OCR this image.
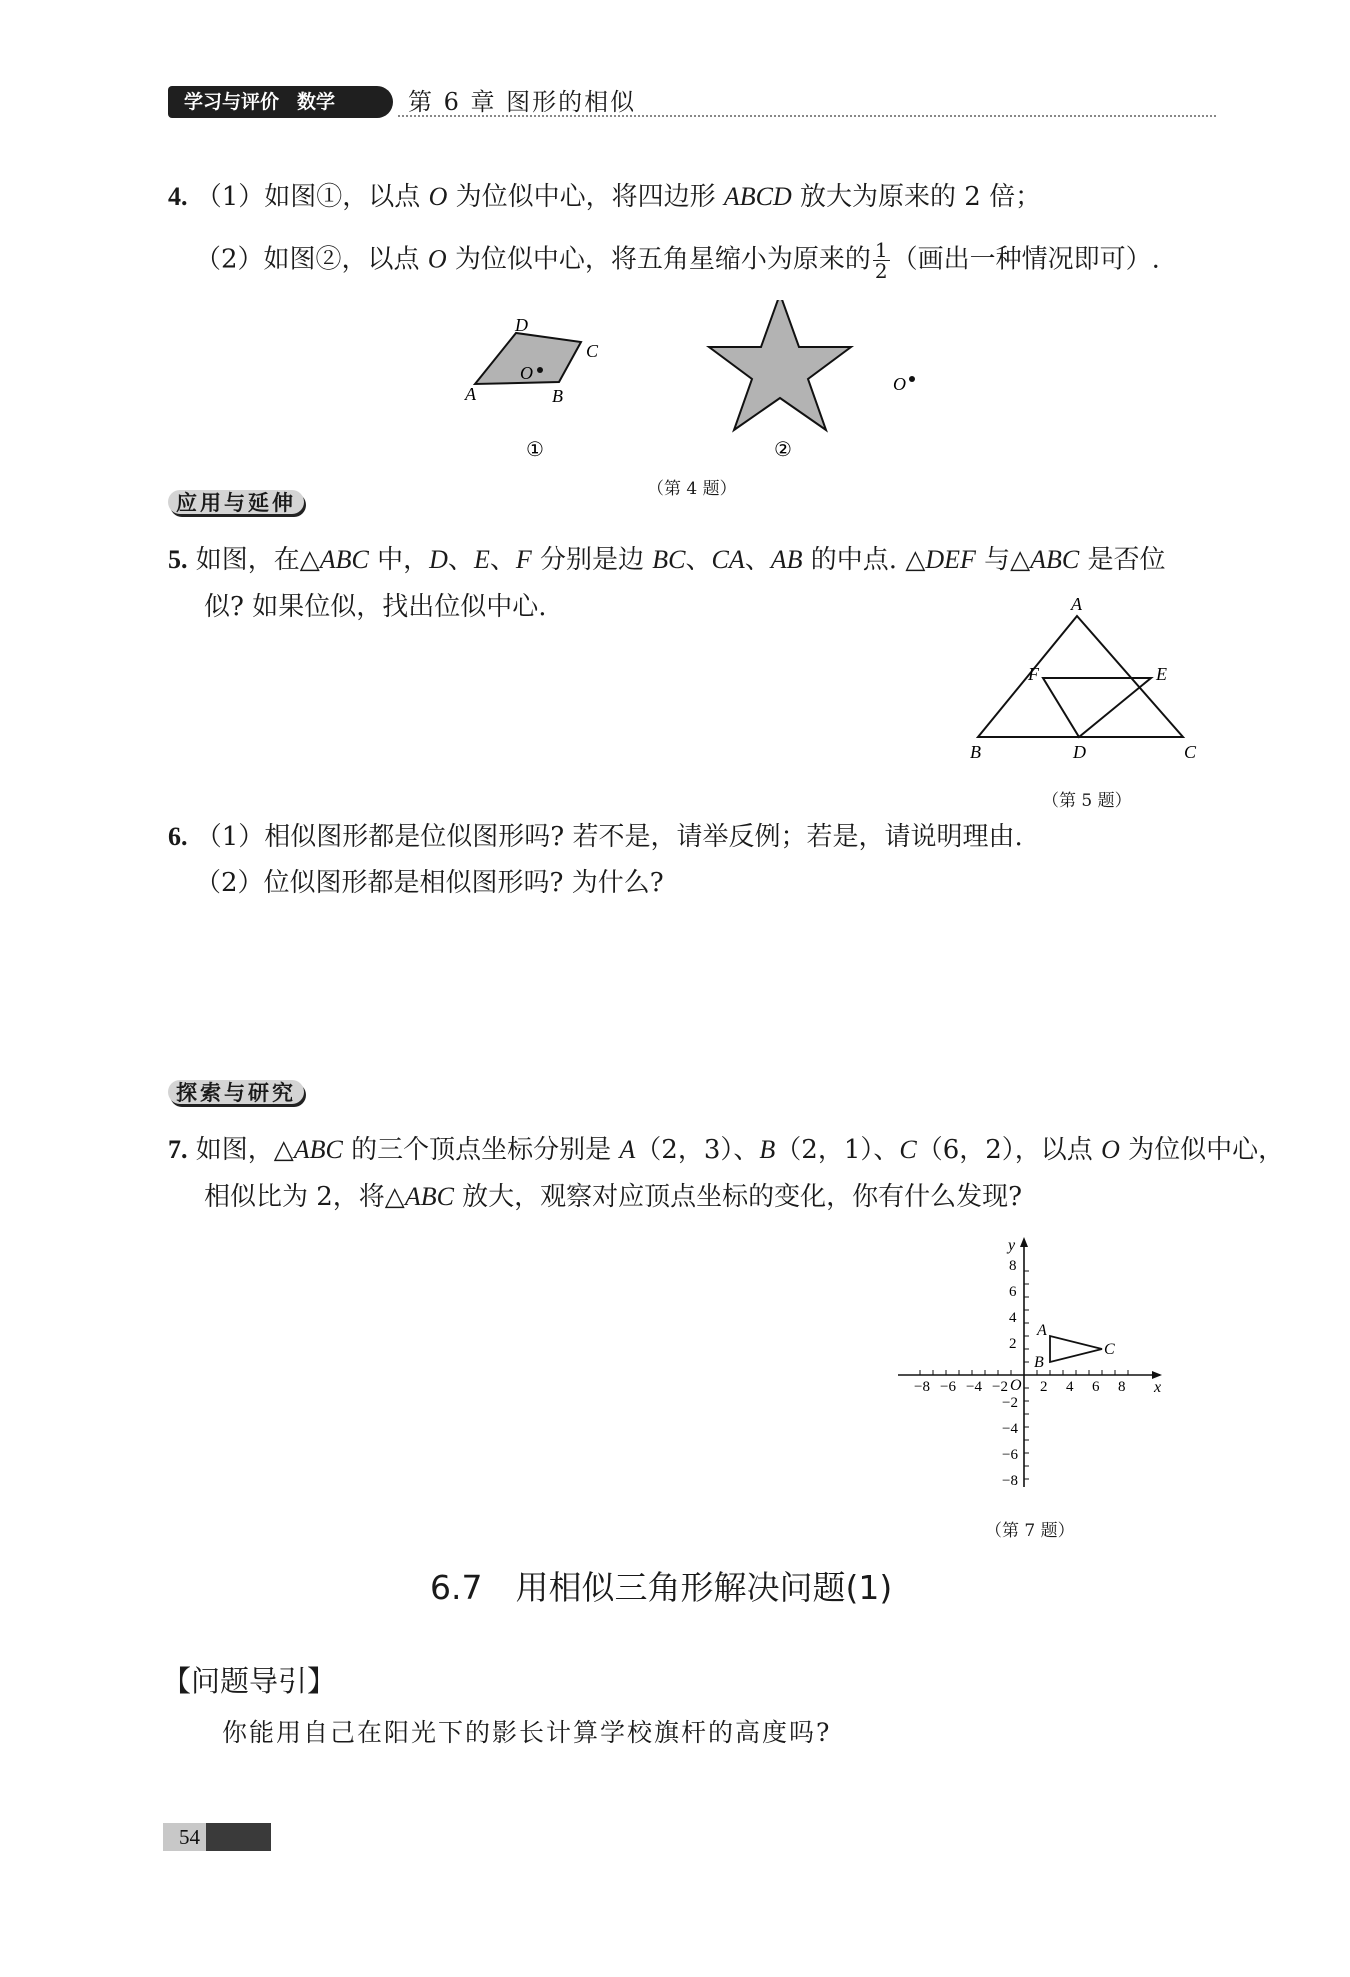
学习与评价 数学	第 6 章 图形的相似
4. （1）如图①，以点 O 为位似中心，将四边形 ABCD 放大为原来的 2 倍；
（2）如图②，以点 O 为位似中心，将五角星缩小为原来的 $\frac{1}{2}$ （画出一种情况即可）.
O
A	B
C
D
①
O
②
（第 4 题）
应用与延伸
5. 如图，在△ABC 中，D、E、F 分别是边 BC、CA、AB 的中点. △DEF 与△ABC 是否位
似? 如果位似，找出位似中心.	A
B	C
D
E
F
（第 5 题）
6. （1）相似图形都是位似图形吗? 若不是，请举反例；若是，请说明理由.
（2）位似图形都是相似图形吗? 为什么?
探索与研究
7. 如图，△ABC 的三个顶点坐标分别是 A（2，3）、B（2，1）、C（6，2），以点 O 为位似中心，
相似比为 2，将△ABC 放大，观察对应顶点坐标的变化，你有什么发现?
x
y
O 2 4 6 8
−8 −6 −4 −2
8
6
4
2
−2
−4
−6
−8
A
B
C
（第 7 题）
6.7　用相似三角形解决问题(1)
【问题导引】
你能用自己在阳光下的影长计算学校旗杆的高度吗?
54
